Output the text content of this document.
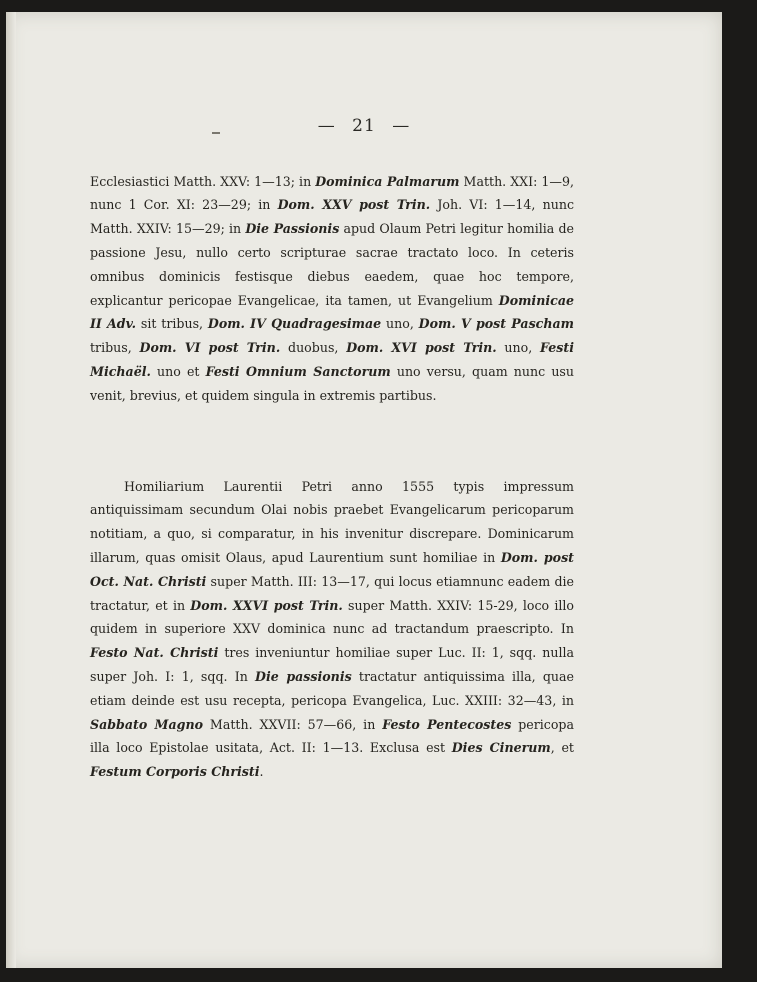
— 21 —

Ecclesiastici Matth. XXV: 1—13; in Dominica Palmarum Matth. XXI: 1—9, nunc 1 Cor. XI: 23—29; in Dom. XXV post Trin. Joh. VI: 1—14, nunc Matth. XXIV: 15—29; in Die Passionis apud Olaum Petri legitur homilia de passione Jesu, nullo certo scripturae sacrae tractato loco. In ceteris omnibus dominicis festisque diebus eaedem, quae hoc tempore, explicantur pericopae Evangelicae, ita tamen, ut Evangelium Dominicae II Adv. sit tribus, Dom. IV Quadragesimae uno, Dom. V post Pascham tribus, Dom. VI post Trin. duobus, Dom. XVI post Trin. uno, Festi Michaël. uno et Festi Omnium Sanctorum uno versu, quam nunc usu venit, brevius, et quidem singula in extremis partibus.

Homiliarium Laurentii Petri anno 1555 typis impressum antiquissimam secundum Olai nobis praebet Evangelicarum pericoparum notitiam, a quo, si comparatur, in his invenitur discrepare. Dominicarum illarum, quas omisit Olaus, apud Laurentium sunt homiliae in Dom. post Oct. Nat. Christi super Matth. III: 13—17, qui locus etiamnunc eadem die tractatur, et in Dom. XXVI post Trin. super Matth. XXIV: 15-29, loco illo quidem in superiore XXV dominica nunc ad tractandum praescripto. In Festo Nat. Christi tres inveniuntur homiliae super Luc. II: 1, sqq. nulla super Joh. I: 1, sqq. In Die passionis tractatur antiquissima illa, quae etiam deinde est usu recepta, pericopa Evangelica, Luc. XXIII: 32—43, in Sabbato Magno Matth. XXVII: 57—66, in Festo Pentecostes pericopa illa loco Epistolae usitata, Act. II: 1—13. Exclusa est Dies Cinerum, et Festum Corporis Christi.
